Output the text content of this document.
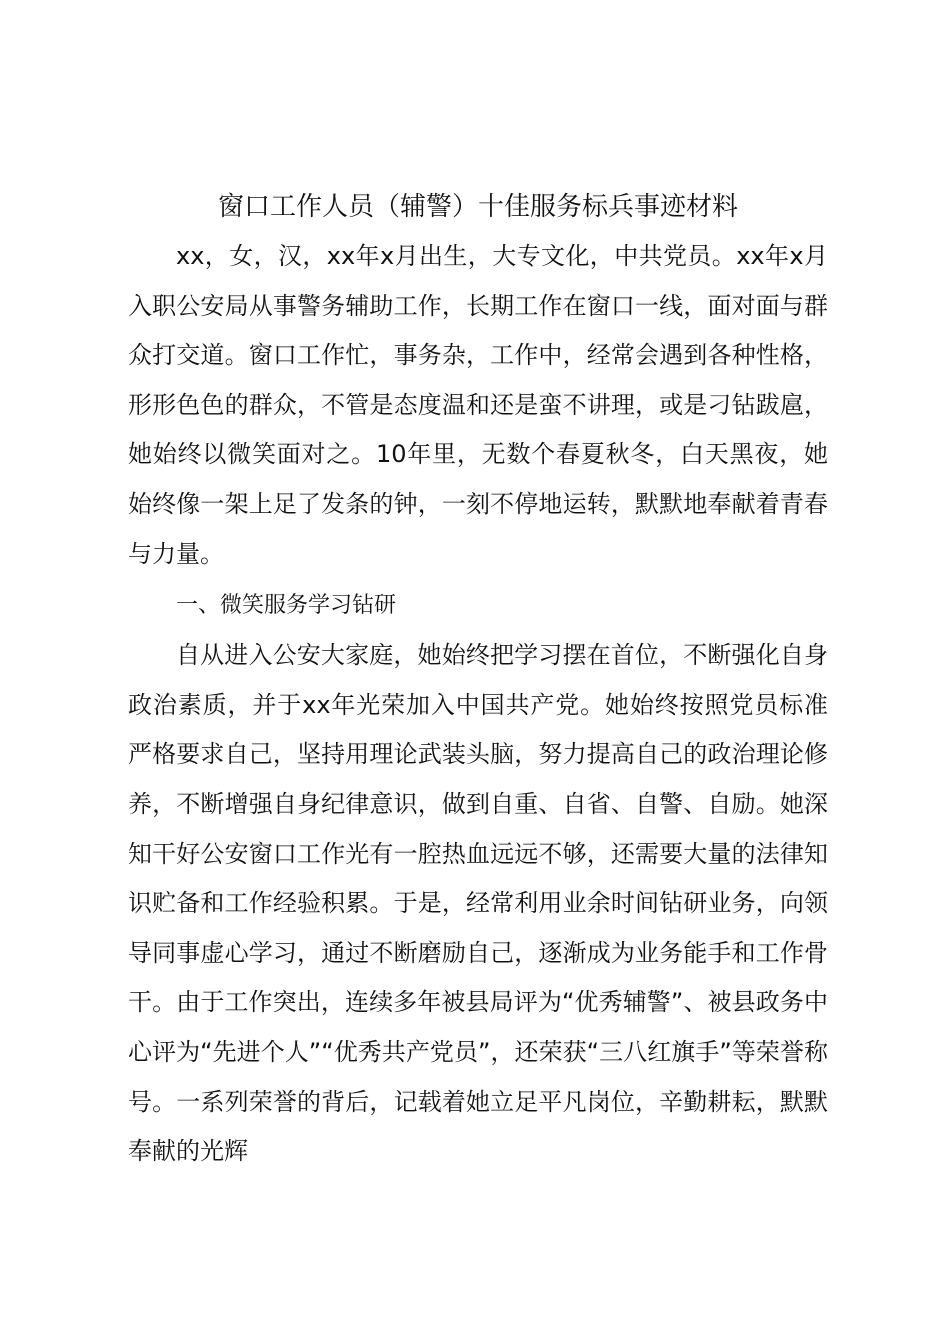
窗口工作人员（辅警）十佳服务标兵事迹材料

xx，女，汉，xx年x月出生，大专文化，中共党员。xx年x月入职公安局从事警务辅助工作，长期工作在窗口一线，面对面与群众打交道。窗口工作忙，事务杂，工作中，经常会遇到各种性格，形形色色的群众，不管是态度温和还是蛮不讲理，或是刁钻跋扈，她始终以微笑面对之。10年里，无数个春夏秋冬，白天黑夜，她始终像一架上足了发条的钟，一刻不停地运转，默默地奉献着青春与力量。

一、微笑服务学习钻研

自从进入公安大家庭，她始终把学习摆在首位，不断强化自身政治素质，并于xx年光荣加入中国共产党。她始终按照党员标准严格要求自己，坚持用理论武装头脑，努力提高自己的政治理论修养，不断增强自身纪律意识，做到自重、自省、自警、自励。她深知干好公安窗口工作光有一腔热血远远不够，还需要大量的法律知识贮备和工作经验积累。于是，经常利用业余时间钻研业务，向领导同事虚心学习，通过不断磨励自己，逐渐成为业务能手和工作骨干。由于工作突出，连续多年被县局评为“优秀辅警”、被县政务中心评为“先进个人”“优秀共产党员”，还荣获“三八红旗手”等荣誉称号。一系列荣誉的背后，记载着她立足平凡岗位，辛勤耕耘，默默奉献的光辉
